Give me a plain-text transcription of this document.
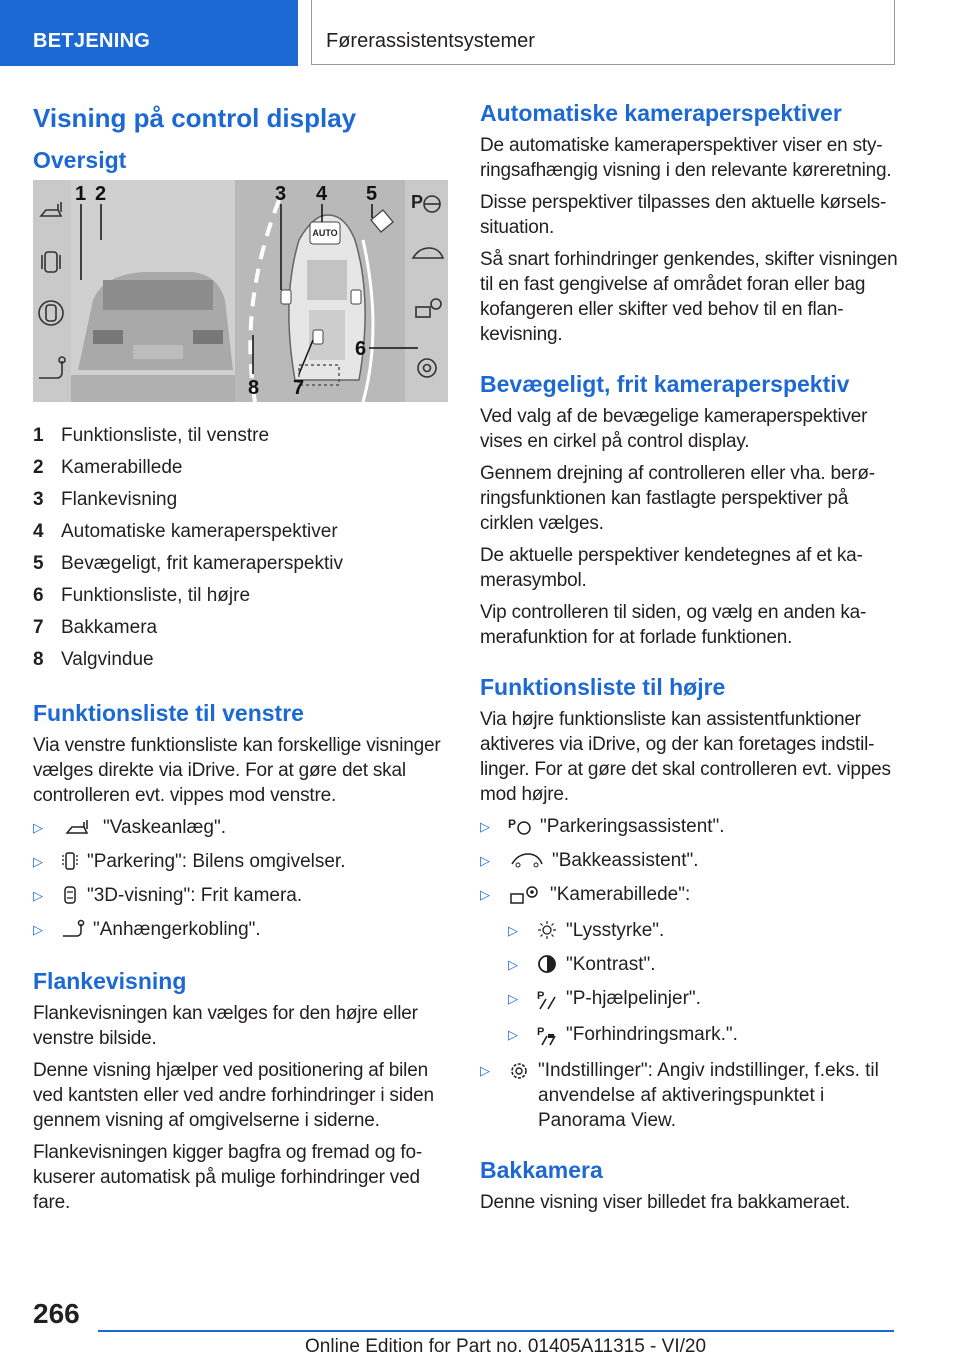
BETJENING	Førerassistentsystemer
Visning på control display
Oversigt
AUTO
P
1 2	3 4 5
6
7
8
1 Funktionsliste, til venstre
2 Kamerabillede
3 Flankevisning
4 Automatiske kameraperspektiver
5 Bevægeligt, frit kameraperspektiv
6 Funktionsliste, til højre
7 Bakkamera
8 Valgvindue
Funktionsliste til venstre

Via venstre funktionsliste kan forskellige visninger vælges direkte via iDrive. For at gøre det skal controlleren evt. vippes mod venstre.

▷	"Vaskeanlæg".
▷	"Parkering": Bilens omgivelser.
▷	"3D-visning": Frit kamera.
▷	"Anhængerkobling".
Flankevisning

Flankevisningen kan vælges for den højre eller venstre bilside.

Denne visning hjælper ved positionering af bilen ved kantsten eller ved andre forhindringer i siden gennem visning af omgivelserne i siderne.

Flankevisningen kigger bagfra og fremad og fokuserer automatisk på mulige forhindringer ved fare.

Automatiske kameraperspektiver

De automatiske kameraperspektiver viser en styringsafhængig visning i den relevante køreretning.

Disse perspektiver tilpasses den aktuelle kørselssituation.

Så snart forhindringer genkendes, skifter visningen til en fast gengivelse af området foran eller bag kofangeren eller skifter ved behov til en flankevisning.

Bevægeligt, frit kameraperspektiv

Ved valg af de bevægelige kameraperspektiver vises en cirkel på control display.

Gennem drejning af controlleren eller vha. berøringsfunktionen kan fastlagte perspektiver på cirklen vælges.

De aktuelle perspektiver kendetegnes af et kamerasymbol.

Vip controlleren til siden, og vælg en anden kamerafunktion for at forlade funktionen.

Funktionsliste til højre

Via højre funktionsliste kan assistentfunktioner aktiveres via iDrive, og der kan foretages indstillinger. For at gøre det skal controlleren evt. vippes mod højre.

▷	P "Parkeringsassistent".
▷	"Bakkeassistent".
▷	"Kamerabillede":
▷	"Lysstyrke".
▷	"Kontrast".
▷	P "P-hjælpelinjer".
▷	P "Forhindringsmark.".
▷	"Indstillinger": Angiv indstillinger, f.eks. til anvendelse af aktiveringspunktet i Panorama View.
Bakkamera

Denne visning viser billedet fra bakkameraet.

266
Online Edition for Part no. 01405A11315 - VI/20
